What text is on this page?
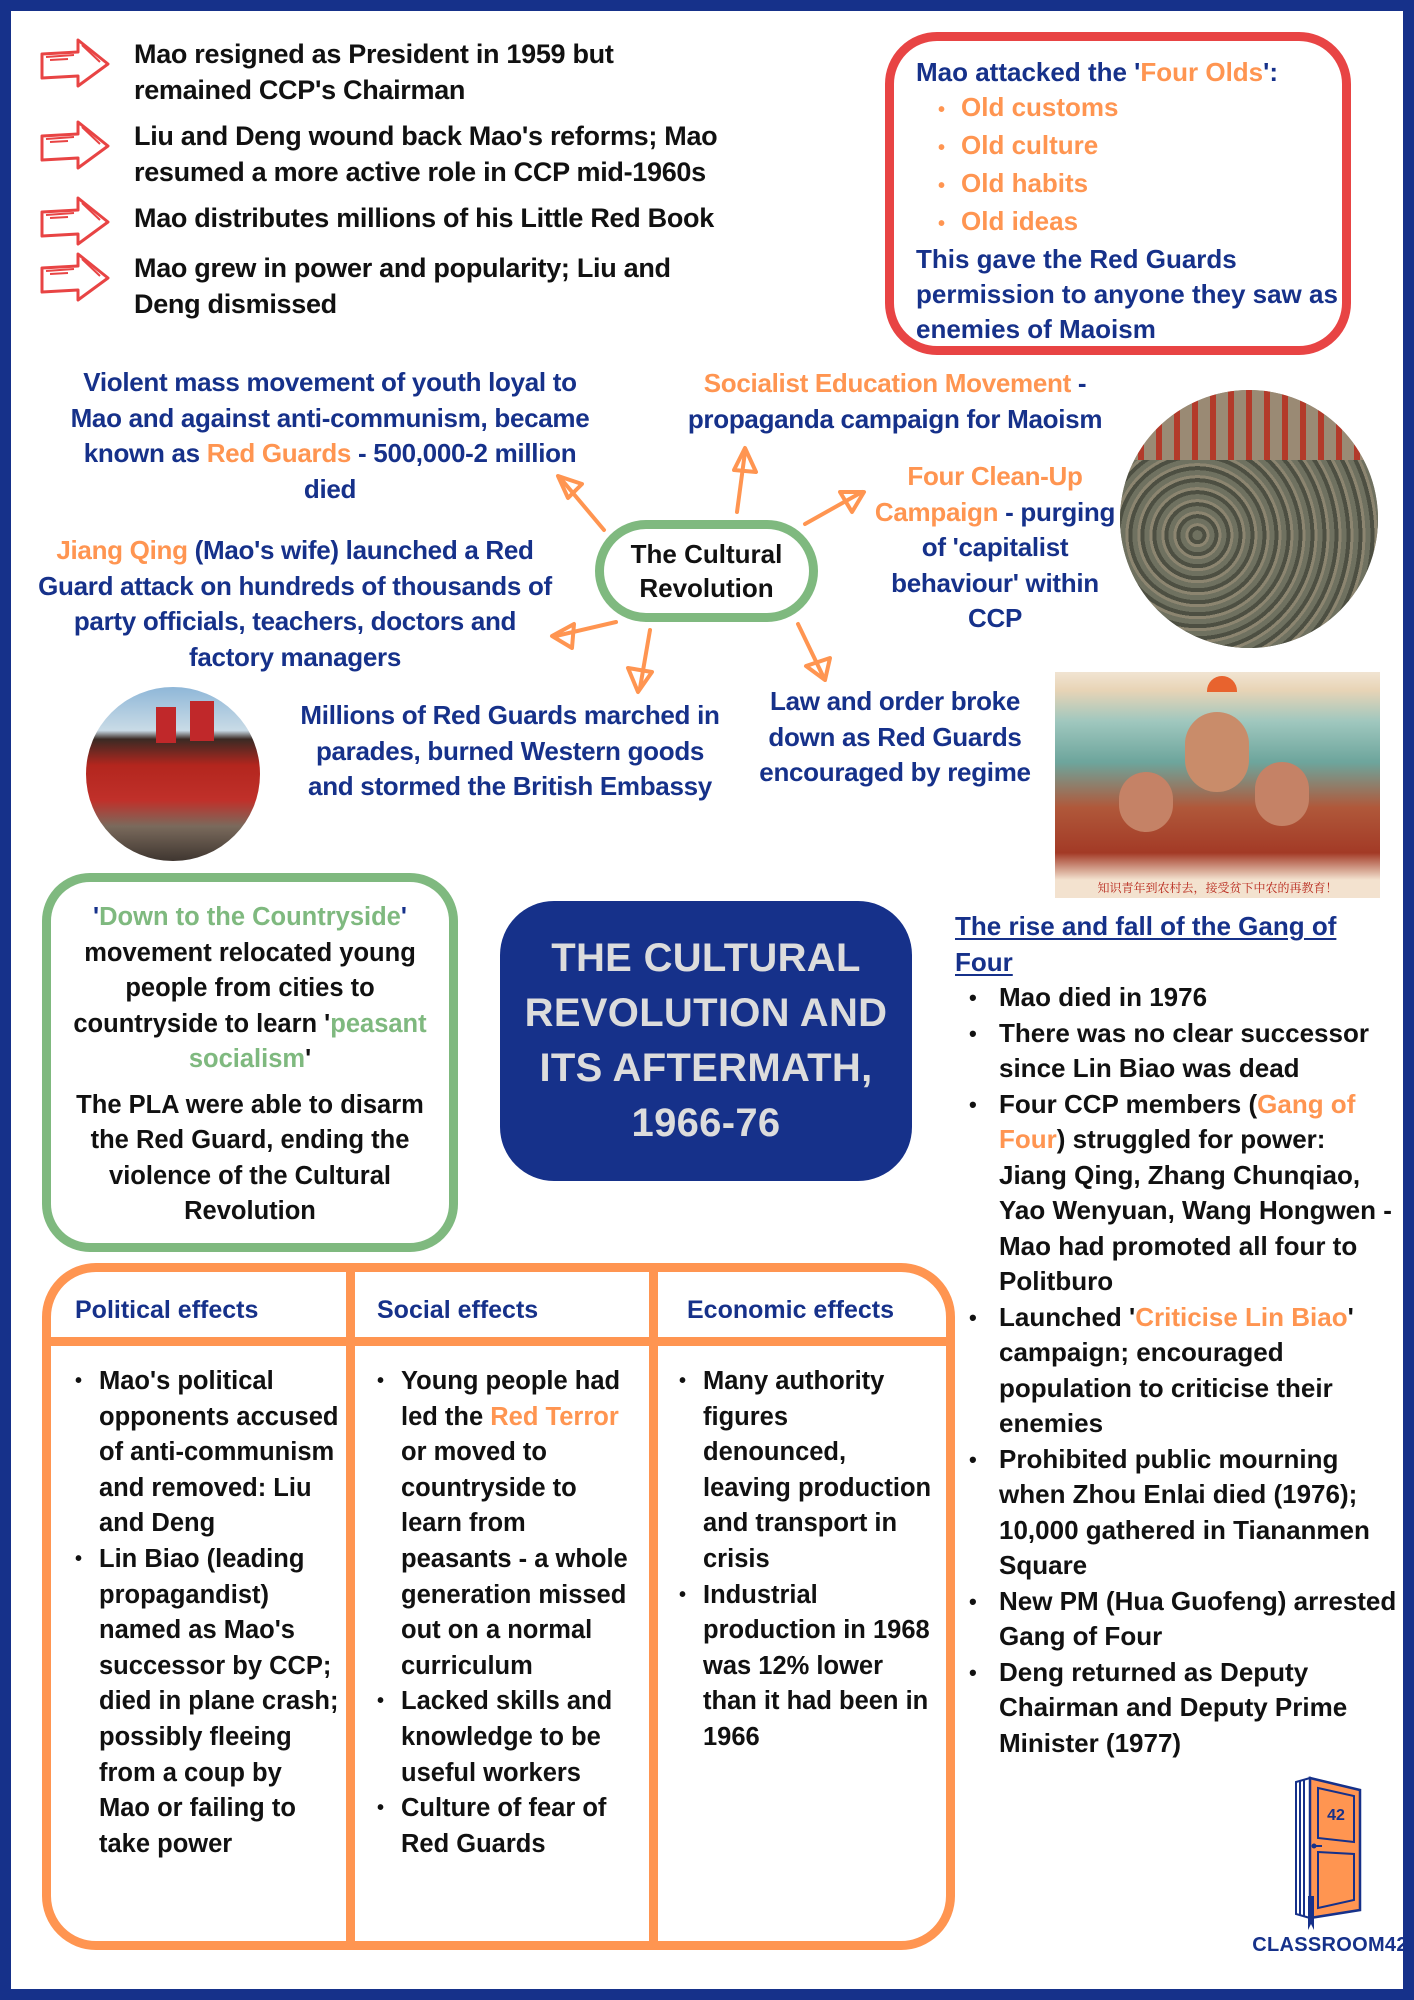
Mao resigned as President in 1959 but remained CCP's Chairman
Liu and Deng wound back Mao's reforms; Mao resumed a more active role in CCP mid-1960s
Mao distributes millions of his Little Red Book
Mao grew in power and popularity; Liu and Deng dismissed
Mao attacked the 'Four Olds':
• Old customs
• Old culture
• Old habits
• Old ideas
This gave the Red Guards permission to anyone they saw as enemies of Maoism
Violent mass movement of youth loyal to Mao and against anti-communism, became known as Red Guards - 500,000-2 million died
Socialist Education Movement - propaganda campaign for Maoism
Four Clean-Up Campaign - purging of 'capitalist behaviour' within CCP
Jiang Qing (Mao's wife) launched a Red Guard attack on hundreds of thousands of party officials, teachers, doctors and factory managers
The Cultural
Revolution
Millions of Red Guards marched in parades, burned Western goods and stormed the British Embassy
Law and order broke down as Red Guards encouraged by regime
知识青年到农村去，接受贫下中农的再教育！
'Down to the Countryside' movement relocated young people from cities to countryside to learn 'peasant socialism'
The PLA were able to disarm the Red Guard, ending the violence of the Cultural Revolution
THE CULTURAL
REVOLUTION AND
ITS AFTERMATH,
1966-76
The rise and fall of the Gang of Four
• Mao died in 1976
• There was no clear successor since Lin Biao was dead
• Four CCP members (Gang of Four) struggled for power: Jiang Qing, Zhang Chunqiao, Yao Wenyuan, Wang Hongwen - Mao had promoted all four to Politburo
• Launched 'Criticise Lin Biao' campaign; encouraged population to criticise their enemies
• Prohibited public mourning when Zhou Enlai died (1976); 10,000 gathered in Tiananmen Square
• New PM (Hua Guofeng) arrested Gang of Four
• Deng returned as Deputy Chairman and Deputy Prime Minister (1977)
Political effects	Social effects	Economic effects
• Mao's political opponents accused of anti-communism and removed: Liu and Deng
• Lin Biao (leading propagandist) named as Mao's successor by CCP; died in plane crash; possibly fleeing from a coup by Mao or failing to take power
• Young people had led the Red Terror or moved to countryside to learn from peasants - a whole generation missed out on a normal curriculum
• Lacked skills and knowledge to be useful workers
• Culture of fear of Red Guards
• Many authority figures denounced, leaving production and transport in crisis
• Industrial production in 1968 was 12% lower than it had been in 1966
42
CLASSROOM42
